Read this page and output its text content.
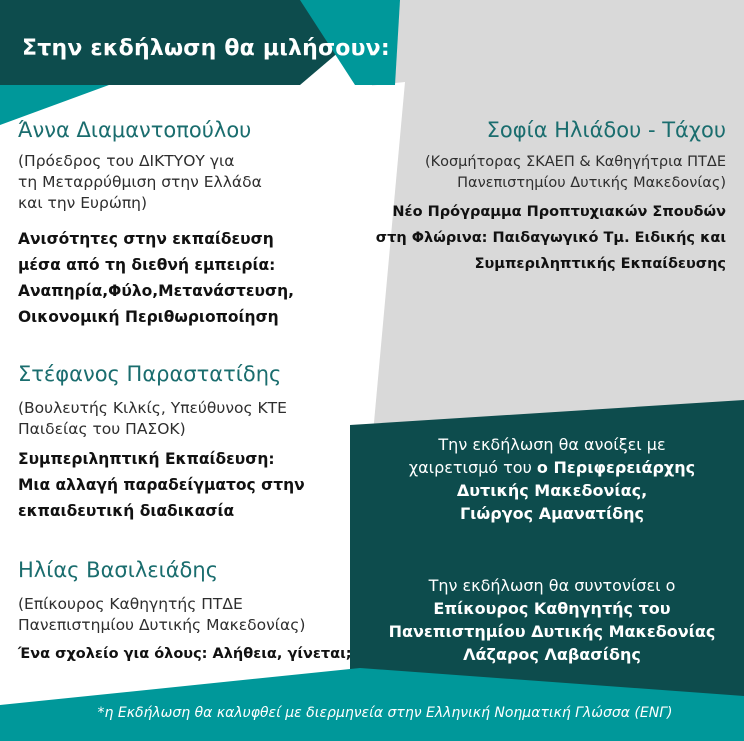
Στην εκδήλωση θα μιλήσουν:
Άννα Διαμαντοπούλου
(Πρόεδρος του ΔΙΚΤΥΟΥ για
τη Μεταρρύθμιση στην Ελλάδα
και την Ευρώπη)
Ανισότητες στην εκπαίδευση
μέσα από τη διεθνή εμπειρία:
Αναπηρία,Φύλο,Μετανάστευση,
Οικονομική Περιθωριοποίηση
Στέφανος Παραστατίδης
(Βουλευτής Κιλκίς, Υπεύθυνος ΚΤΕ
Παιδείας του ΠΑΣΟΚ)
Συμπεριληπτική Εκπαίδευση:
Μια αλλαγή παραδείγματος στην
εκπαιδευτική διαδικασία
Ηλίας Βασιλειάδης
(Επίκουρος Καθηγητής ΠΤΔΕ
Πανεπιστημίου Δυτικής Μακεδονίας)
Ένα σχολείο για όλους: Αλήθεια, γίνεται;
Σοφία Ηλιάδου - Τάχου
(Κοσμήτορας ΣΚΑΕΠ & Καθηγήτρια ΠΤΔΕ
Πανεπιστημίου Δυτικής Μακεδονίας)
Νέο Πρόγραμμα Προπτυχιακών Σπουδών
στη Φλώρινα: Παιδαγωγικό Τμ. Ειδικής και
Συμπεριληπτικής Εκπαίδευσης
Την εκδήλωση θα ανοίξει με
χαιρετισμό του ο Περιφερειάρχης
Δυτικής Μακεδονίας,
Γιώργος Αμανατίδης
Την εκδήλωση θα συντονίσει ο
Επίκουρος Καθηγητής του
Πανεπιστημίου Δυτικής Μακεδονίας
Λάζαρος Λαβασίδης
*η Εκδήλωση θα καλυφθεί με διερμηνεία στην Ελληνική Νοηματική Γλώσσα (ΕΝΓ)
